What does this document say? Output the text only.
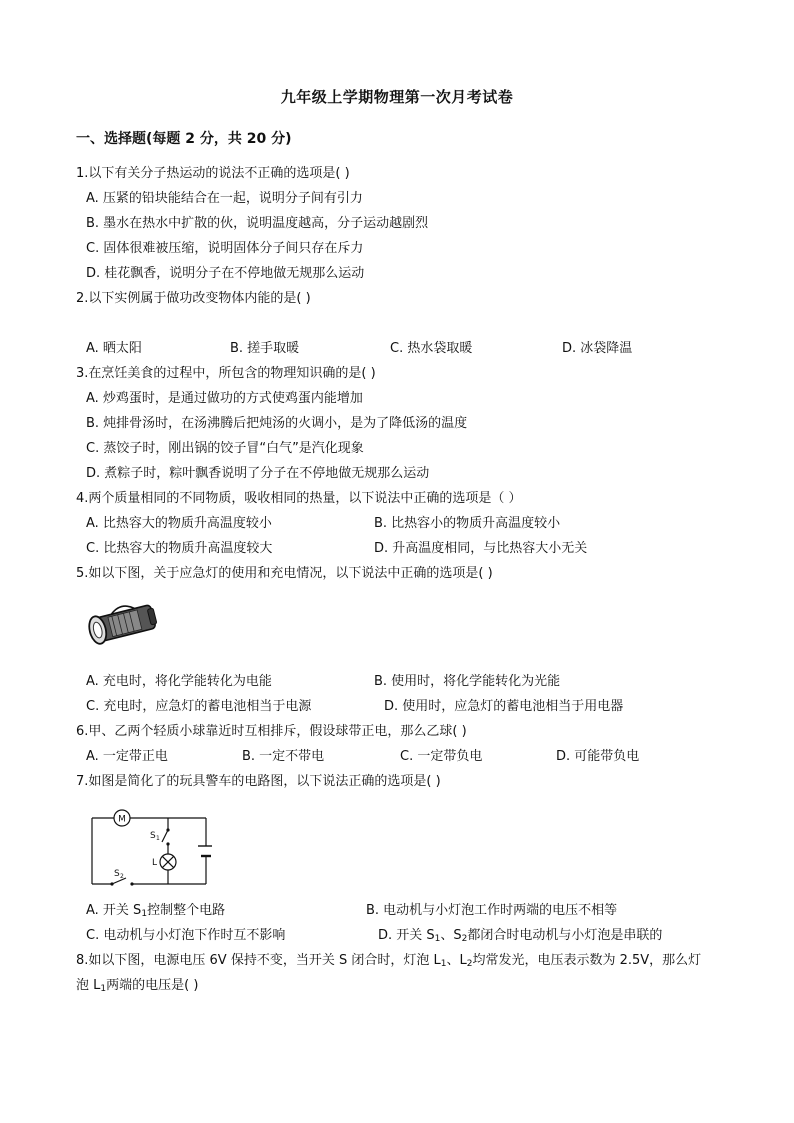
九年级上学期物理第一次月考试卷
一、选择题(每题 2 分，共 20 分)
1.以下有关分子热运动的说法不正确的选项是( )
A. 压紧的铅块能结合在一起，说明分子间有引力
B. 墨水在热水中扩散的伙，说明温度越高，分子运动越剧烈
C. 固体很难被压缩，说明固体分子间只存在斥力
D. 桂花飘香，说明分子在不停地做无规那么运动
2.以下实例属于做功改变物体内能的是( )
A. 晒太阳	B. 搓手取暖	C. 热水袋取暖	D. 冰袋降温
3.在烹饪美食的过程中，所包含的物理知识确的是( )
A. 炒鸡蛋时，是通过做功的方式使鸡蛋内能增加
B. 炖排骨汤时，在汤沸腾后把炖汤的火调小，是为了降低汤的温度
C. 蒸饺子时，刚出锅的饺子冒“白气”是汽化现象
D. 煮粽子时，粽叶飘香说明了分子在不停地做无规那么运动
4.两个质量相同的不同物质，吸收相同的热量，以下说法中正确的选项是（ ）
A. 比热容大的物质升高温度较小	B. 比热容小的物质升高温度较小
C. 比热容大的物质升高温度较大	D. 升高温度相同，与比热容大小无关
5.如以下图，关于应急灯的使用和充电情况，以下说法中正确的选项是( )
A. 充电时，将化学能转化为电能	B. 使用时，将化学能转化为光能
C. 充电时，应急灯的蓄电池相当于电源	D. 使用时，应急灯的蓄电池相当于用电器
6.甲、乙两个轻质小球靠近时互相排斥，假设球带正电，那么乙球( )
A. 一定带正电	B. 一定不带电	C. 一定带负电	D. 可能带负电
7.如图是简化了的玩具警车的电路图，以下说法正确的选项是( )
M
S 1
L
S 2
A. 开关 $S_1$控制整个电路	B. 电动机与小灯泡工作时两端的电压不相等
C. 电动机与小灯泡下作时互不影响	D. 开关 $S_1$、$S_2$都闭合时电动机与小灯泡是串联的
8.如以下图，电源电压 6V 保持不变，当开关 S 闭合时，灯泡 $L_1$、$L_2$均常发光，电压表示数为 2.5V，那么灯
泡 $L_1$两端的电压是( )
